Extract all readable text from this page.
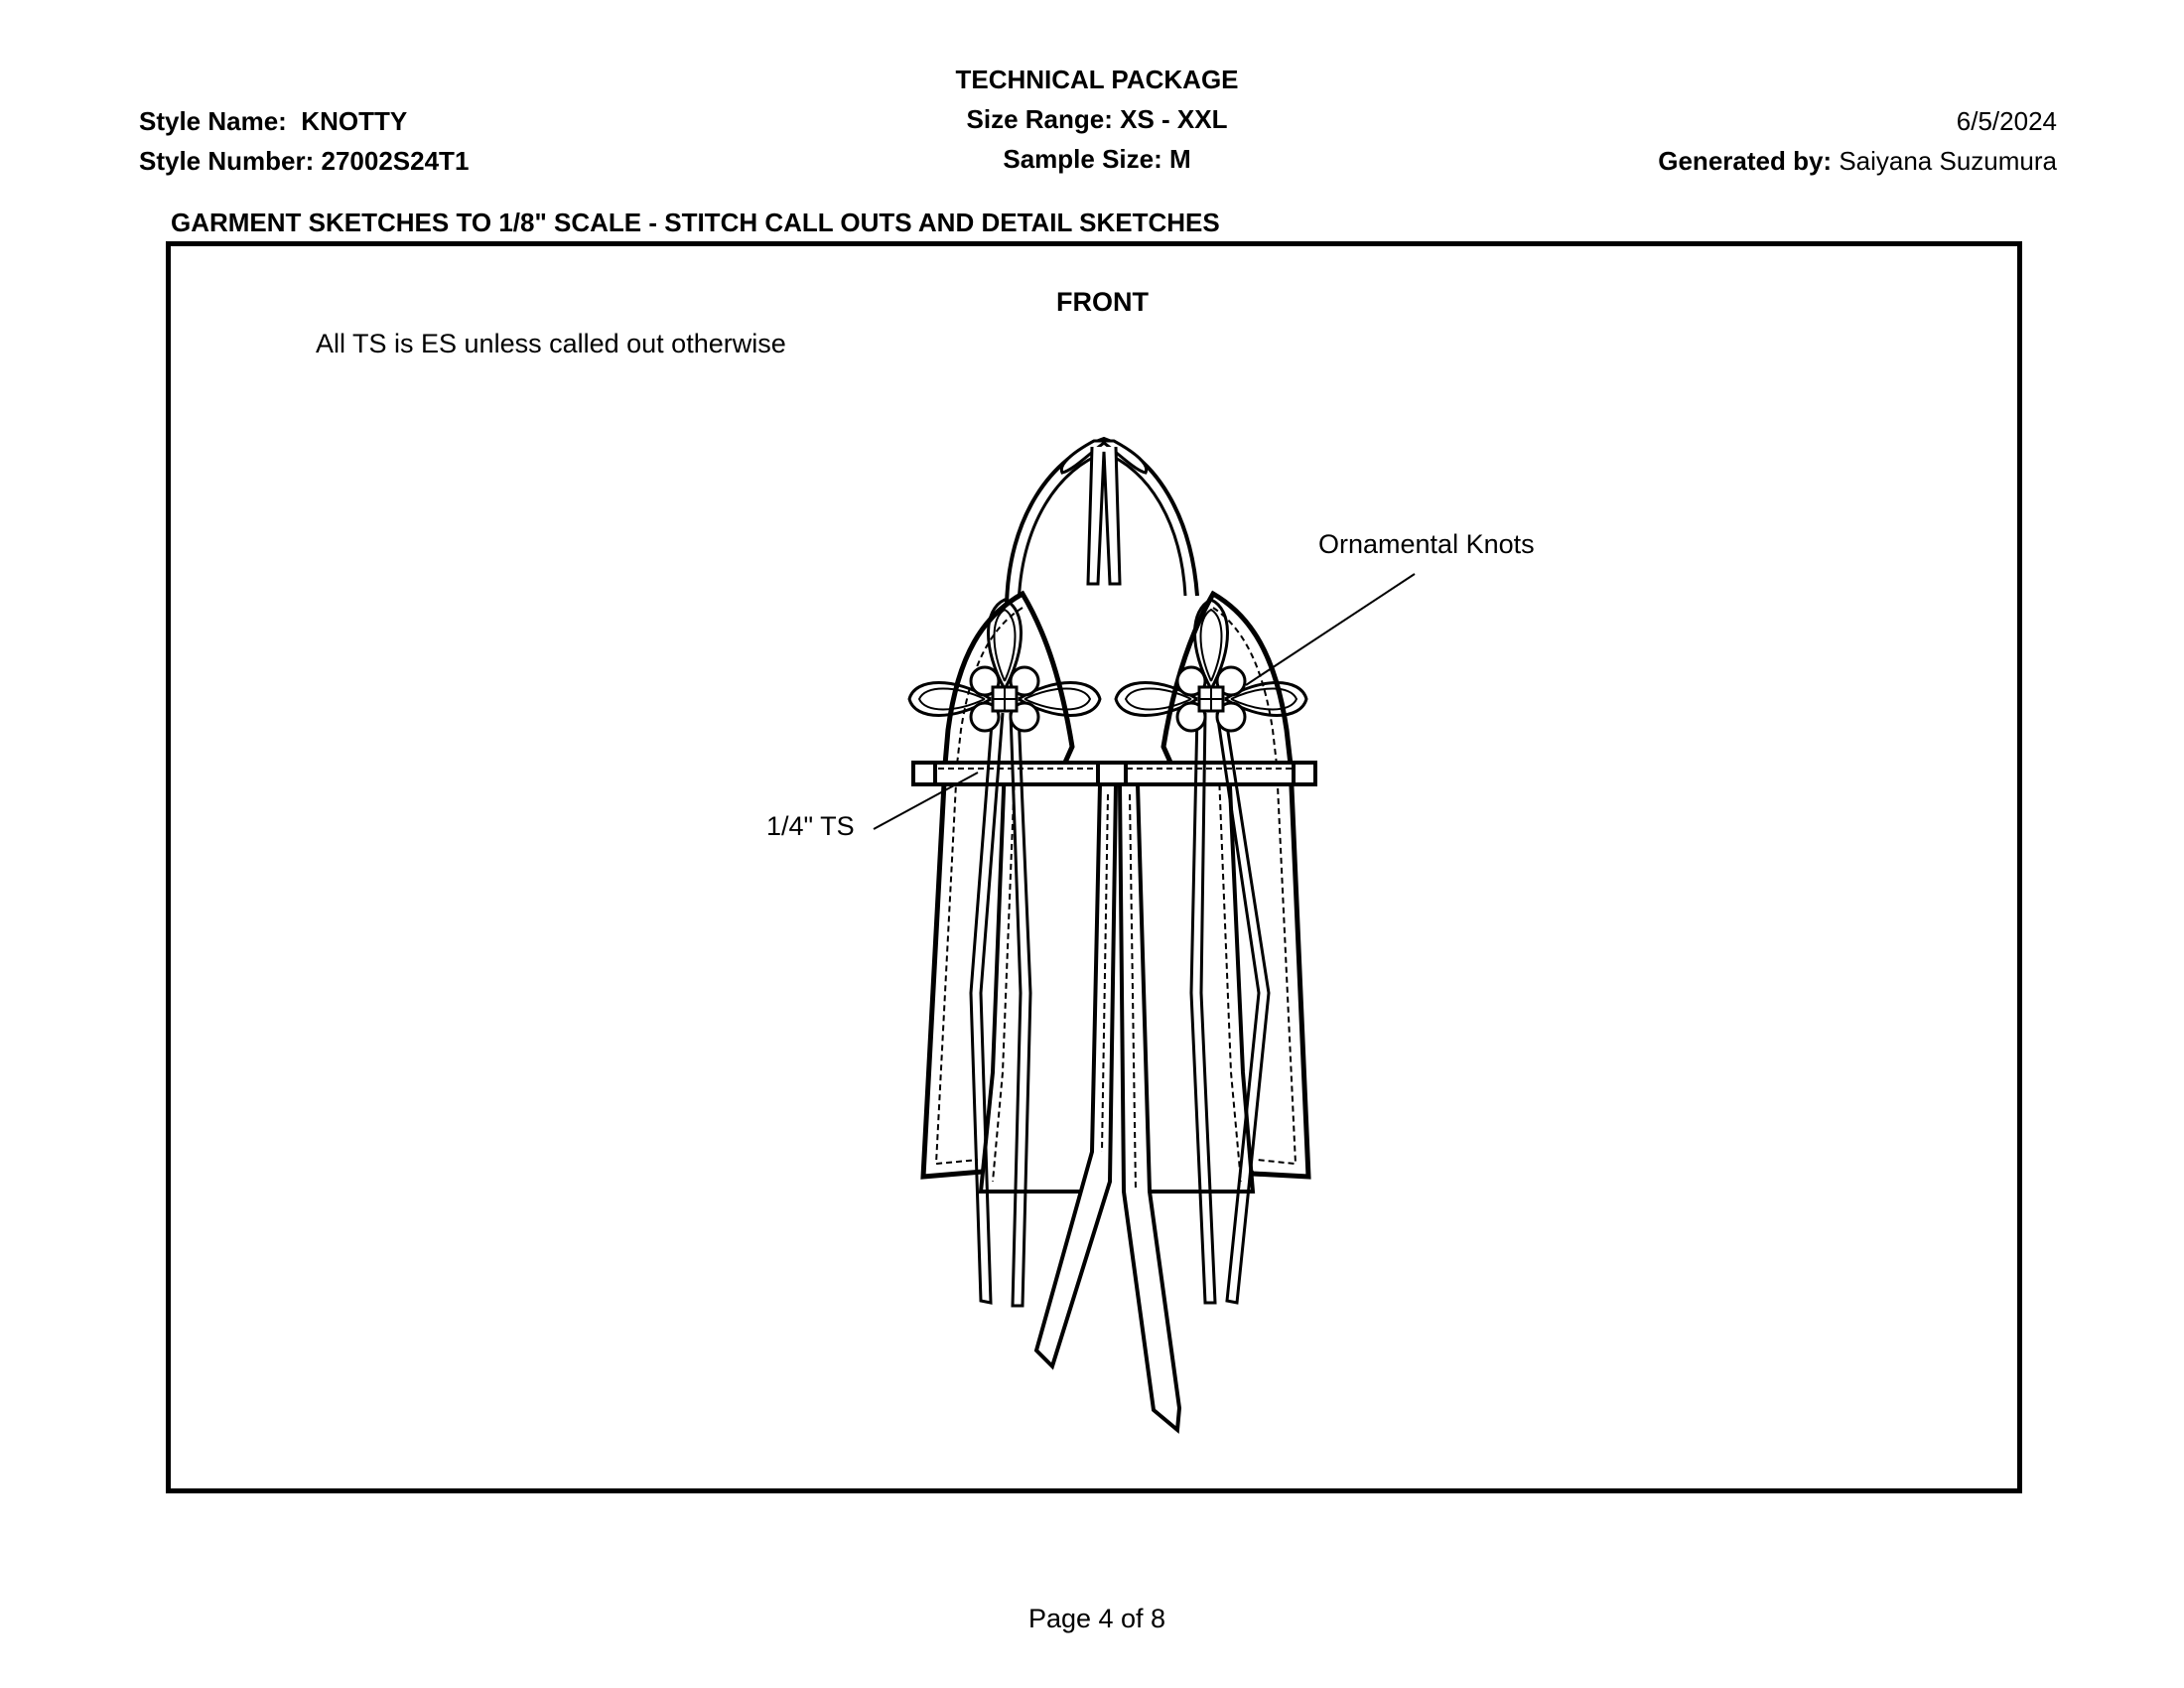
TECHNICAL PACKAGE
Size Range: XS - XXL
Sample Size: M
Style Name: KNOTTY
Style Number: 27002S24T1
6/5/2024
Generated by: Saiyana Suzumura
GARMENT SKETCHES TO 1/8" SCALE - STITCH CALL OUTS AND DETAIL SKETCHES
FRONT
All TS is ES unless called out otherwise
Ornamental Knots
1/4" TS
Page 4 of 8
